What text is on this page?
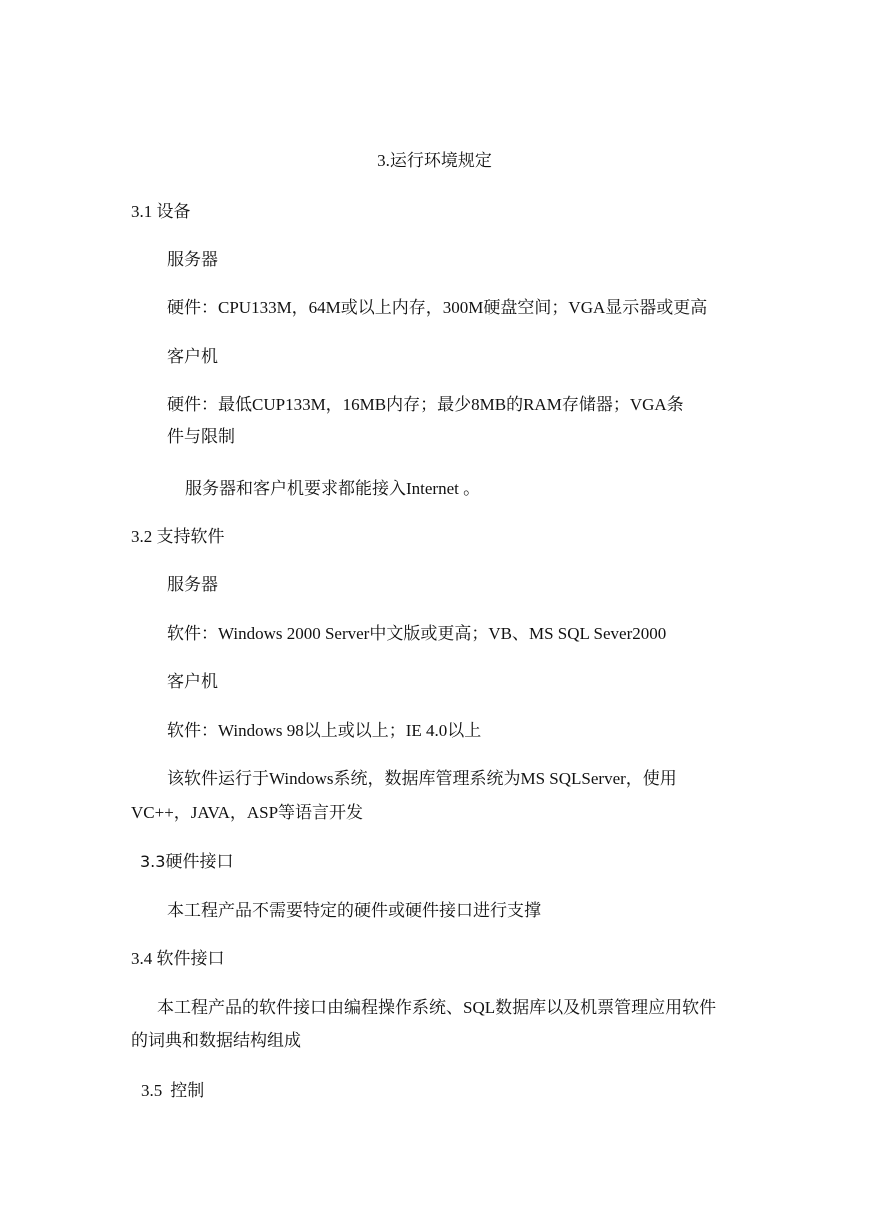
3.运行环境规定
3.1 设备
服务器
硬件：CPU133M，64M或以上内存，300M硬盘空间；VGA显示器或更高
客户机
硬件：最低CUP133M，16MB内存；最少8MB的RAM存储器；VGA条
件与限制
服务器和客户机要求都能接入Internet 。
3.2 支持软件
服务器
软件：Windows 2000 Server中文版或更高；VB、MS SQL Sever2000
客户机
软件：Windows 98以上或以上；IE 4.0以上
该软件运行于Windows系统，数据库管理系统为MS SQLServer，使用
VC++，JAVA，ASP等语言开发
3.3硬件接口
本工程产品不需要特定的硬件或硬件接口进行支撑
3.4 软件接口
本工程产品的软件接口由编程操作系统、SQL数据库以及机票管理应用软件
的词典和数据结构组成
3.5 控制
